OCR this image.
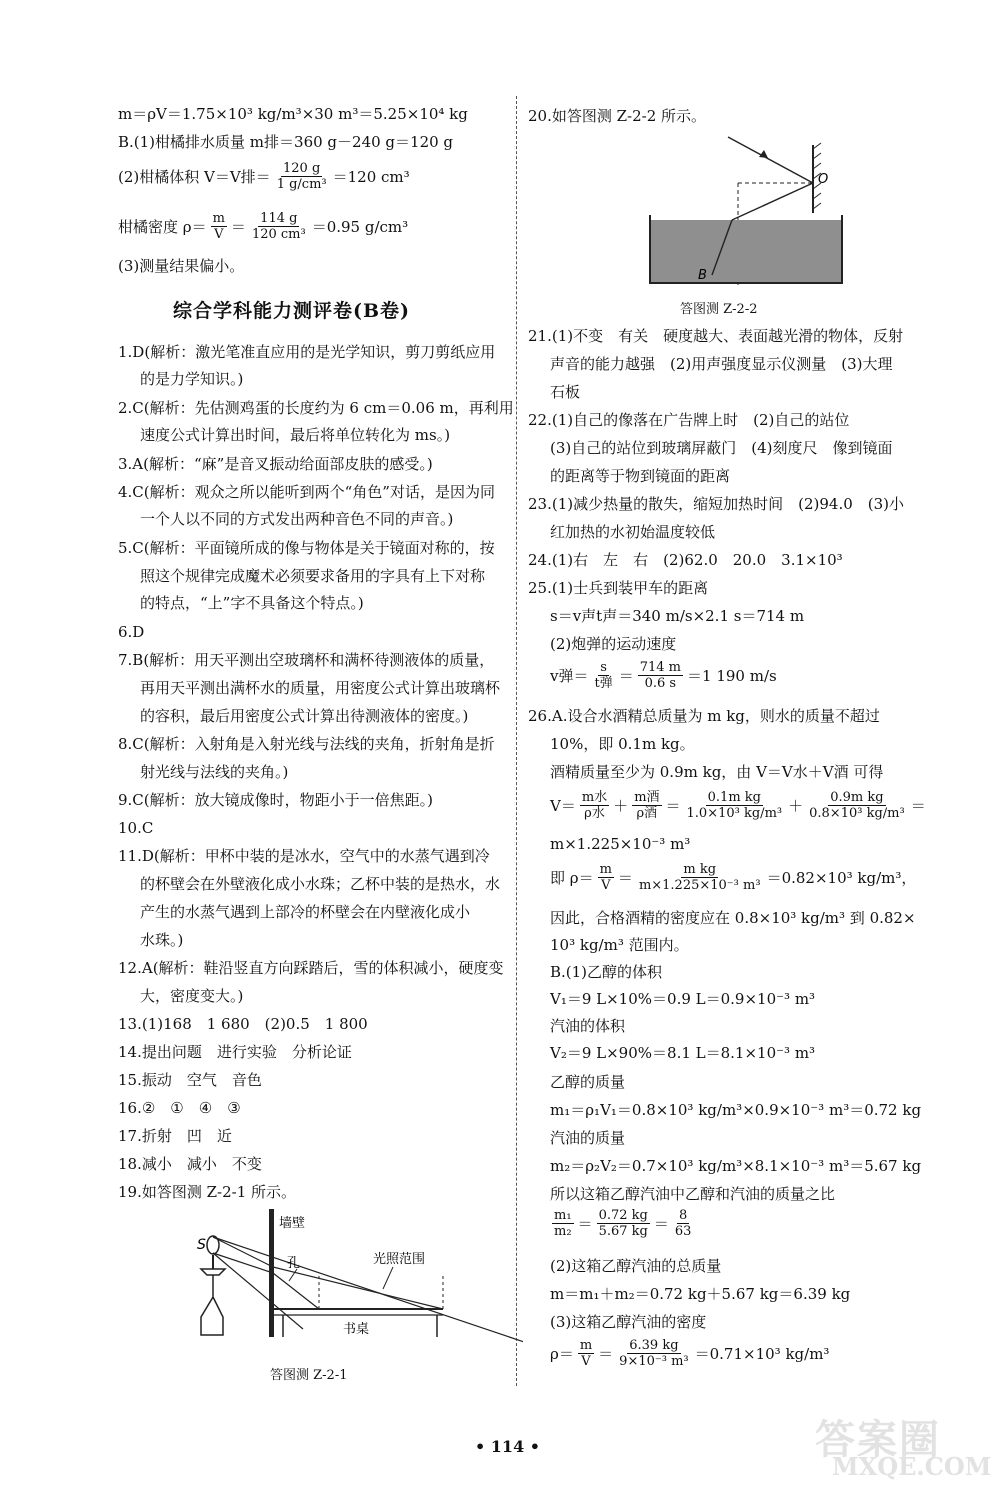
m＝ρV＝1.75×10³ kg/m³×30 m³＝5.25×10⁴ kg
B.(1)柑橘排水质量 m排＝360 g－240 g＝120 g
(2)柑橘体积 V＝V排＝ $\frac{120 g}{\text{1 g/cm³}} =120$ cm³
柑橘密度 $\rho= \frac{m}{V} = \frac{114 g}{\text{120 cm³}} =0.95$ g/cm³
(3)测量结果偏小。
综合学科能力测评卷(B卷)
1.D(解析：激光笔准直应用的是光学知识，剪刀剪纸应用
的是力学知识。)
2.C(解析：先估测鸡蛋的长度约为 6 cm＝0.06 m，再利用
速度公式计算出时间，最后将单位转化为 ms。)
3.A(解析：“麻”是音叉振动给面部皮肤的感受。)
4.C(解析：观众之所以能听到两个“角色”对话，是因为同
一个人以不同的方式发出两种音色不同的声音。)
5.C(解析：平面镜所成的像与物体是关于镜面对称的，按
照这个规律完成魔术必须要求备用的字具有上下对称
的特点，“上”字不具备这个特点。)
6.D
7.B(解析：用天平测出空玻璃杯和满杯待测液体的质量，
再用天平测出满杯水的质量，用密度公式计算出玻璃杯
的容积，最后用密度公式计算出待测液体的密度。)
8.C(解析：入射角是入射光线与法线的夹角，折射角是折
射光线与法线的夹角。)
9.C(解析：放大镜成像时，物距小于一倍焦距。)
10.C
11.D(解析：甲杯中装的是冰水，空气中的水蒸气遇到冷
的杯壁会在外壁液化成小水珠；乙杯中装的是热水，水
产生的水蒸气遇到上部冷的杯壁会在内壁液化成小
水珠。)
12.A(解析：鞋沿竖直方向踩踏后，雪的体积减小，硬度变
大，密度变大。)
13.(1)168　1 680　(2)0.5　1 800
14.提出问题　进行实验　分析论证
15.振动　空气　音色
16.②　①　④　③
17.折射　凹　近
18.减小　减小　不变
19.如答图测 Z-2-1 所示。
墙壁
S
孔	光照范围
书桌
答图测 Z-2-1
20.如答图测 Z-2-2 所示。
O
B
答图测 Z-2-2
21.(1)不变　有关　硬度越大、表面越光滑的物体，反射
声音的能力越强　(2)用声强度显示仪测量　(3)大理
石板
22.(1)自己的像落在广告牌上时　(2)自己的站位
(3)自己的站位到玻璃屏蔽门　(4)刻度尺　像到镜面
的距离等于物到镜面的距离
23.(1)减少热量的散失，缩短加热时间　(2)94.0　(3)小
红加热的水初始温度较低
24.(1)右　左　右　(2)62.0　20.0　3.1×10³
25.(1)士兵到装甲车的距离
s＝v声t声＝340 m/s×2.1 s＝714 m
(2)炮弹的运动速度
v弹＝ $\frac{s}{\text{t弹}} = \frac{714 m}{0.6 s} =1$ 190 m/s
26.A.设合水酒精总质量为 m kg，则水的质量不超过
10%，即 0.1m kg。
酒精质量至少为 0.9m kg，由 V＝V水＋V酒 可得
$V= \frac{\text{m水}}{\text{ρ水}} + \frac{\text{m酒}}{\text{ρ酒}} = \frac{\text{0.1m kg}}{\text{1.0×10³ kg/m³}} + \frac{\text{0.9m kg}}{\text{0.8×10³ kg/m³}}$ ＝
m×1.225×10⁻³ m³
即 $\rho= \frac{m}{V} = \frac{\text{m kg}}{\text{m×1.225×10⁻³ m³}} =0.82\times 10^3$ kg/m³，
因此，合格酒精的密度应在 0.8×10³ kg/m³ 到 0.82×
10³ kg/m³ 范围内。
B.(1)乙醇的体积
V₁＝9 L×10%＝0.9 L＝0.9×10⁻³ m³
汽油的体积
V₂＝9 L×90%＝8.1 L＝8.1×10⁻³ m³
乙醇的质量
m₁＝ρ₁V₁＝0.8×10³ kg/m³×0.9×10⁻³ m³＝0.72 kg
汽油的质量
m₂＝ρ₂V₂＝0.7×10³ kg/m³×8.1×10⁻³ m³＝5.67 kg
所以这箱乙醇汽油中乙醇和汽油的质量之比
$\frac{\text{m₁}}{\text{m₂}} = \frac{0.72 kg}{5.67 kg} = \frac{8}{63}$
(2)这箱乙醇汽油的总质量
m＝m₁＋m₂＝0.72 kg＋5.67 kg＝6.39 kg
(3)这箱乙醇汽油的密度
$\rho= \frac{m}{V} = \frac{6.39 kg}{\text{9×10⁻³ m³}} =0.71\times 10^3$ kg/m³
• 114 •	答案圈
MXQE.COM
